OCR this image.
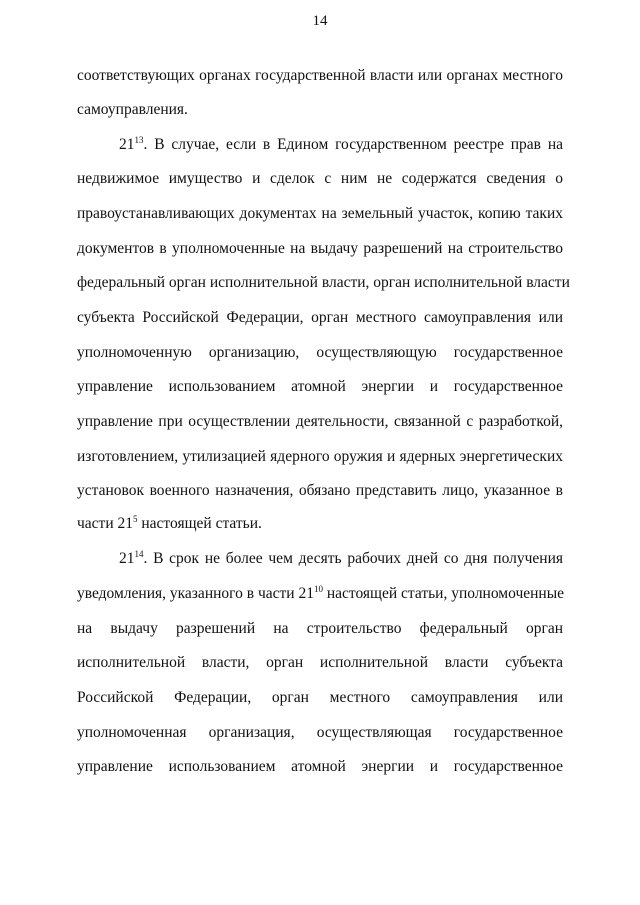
14
соответствующих органах государственной власти или органах местного
самоуправления.
$21^{13}$. В случае, если в Едином государственном реестре прав на
недвижимое имущество и сделок с ним не содержатся сведения о
правоустанавливающих документах на земельный участок, копию таких
документов в уполномоченные на выдачу разрешений на строительство
федеральный орган исполнительной власти, орган исполнительной власти
субъекта Российской Федерации, орган местного самоуправления или
уполномоченную организацию, осуществляющую государственное
управление использованием атомной энергии и государственное
управление при осуществлении деятельности, связанной с разработкой,
изготовлением, утилизацией ядерного оружия и ядерных энергетических
установок военного назначения, обязано представить лицо, указанное в
части $21^5$ настоящей статьи.
$21^{14}$. В срок не более чем десять рабочих дней со дня получения
уведомления, указанного в части $21^{10}$ настоящей статьи, уполномоченные
на выдачу разрешений на строительство федеральный орган
исполнительной власти, орган исполнительной власти субъекта
Российской Федерации, орган местного самоуправления или
уполномоченная организация, осуществляющая государственное
управление использованием атомной энергии и государственное
